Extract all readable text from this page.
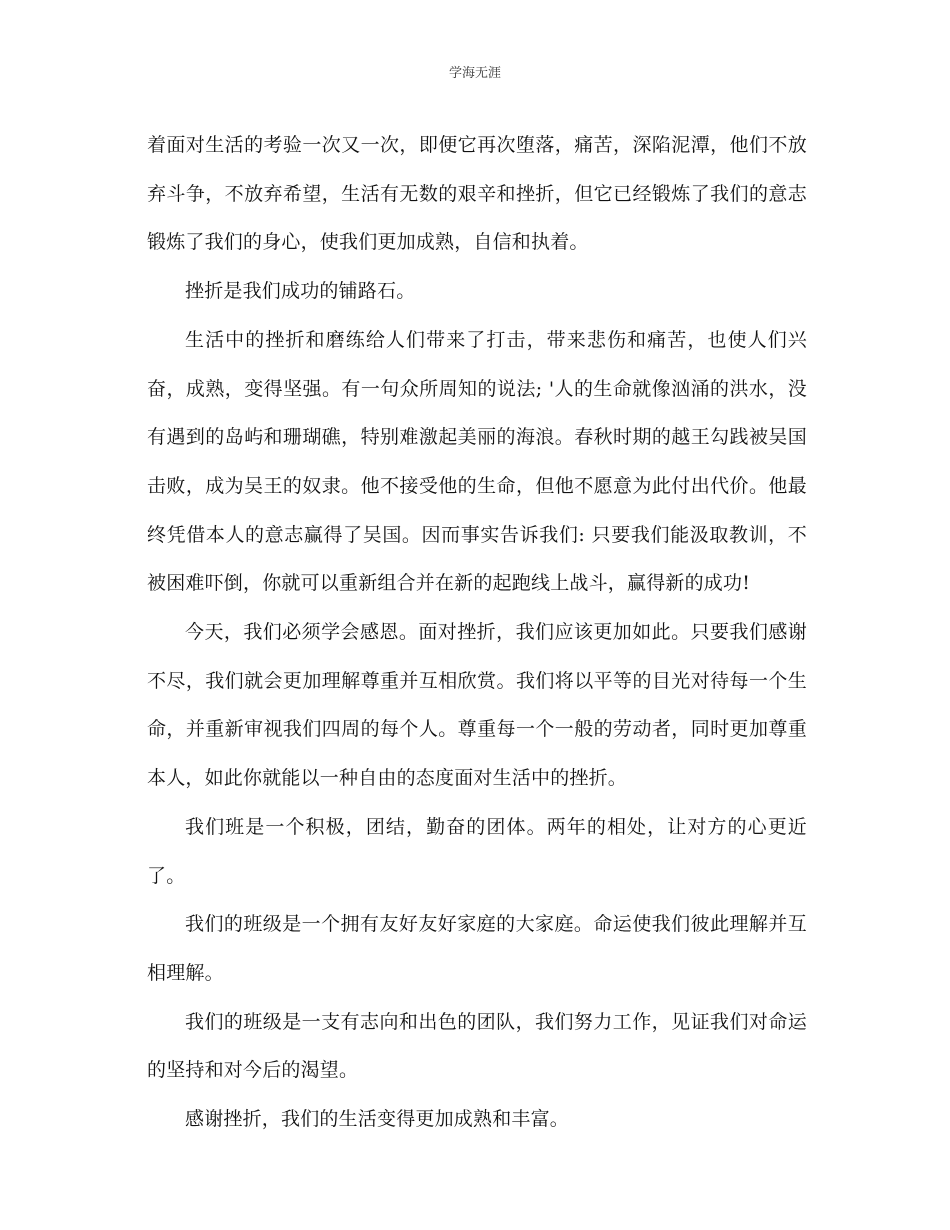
学海无涯

着面对生活的考验一次又一次，即便它再次堕落，痛苦，深陷泥潭，他们不放弃斗争，不放弃希望，生活有无数的艰辛和挫折，但它已经锻炼了我们的意志锻炼了我们的身心，使我们更加成熟，自信和执着。

挫折是我们成功的铺路石。

生活中的挫折和磨练给人们带来了打击，带来悲伤和痛苦，也使人们兴奋，成熟，变得坚强。有一句众所周知的说法; '人的生命就像汹涌的洪水，没有遇到的岛屿和珊瑚礁，特别难激起美丽的海浪。春秋时期的越王勾践被吴国击败，成为吴王的奴隶。他不接受他的生命，但他不愿意为此付出代价。他最终凭借本人的意志赢得了吴国。因而事实告诉我们: 只要我们能汲取教训，不被困难吓倒，你就可以重新组合并在新的起跑线上战斗，赢得新的成功!

今天，我们必须学会感恩。面对挫折，我们应该更加如此。只要我们感谢不尽，我们就会更加理解尊重并互相欣赏。我们将以平等的目光对待每一个生命，并重新审视我们四周的每个人。尊重每一个一般的劳动者，同时更加尊重本人，如此你就能以一种自由的态度面对生活中的挫折。

我们班是一个积极，团结，勤奋的团体。两年的相处，让对方的心更近了。

我们的班级是一个拥有友好友好家庭的大家庭。命运使我们彼此理解并互相理解。

我们的班级是一支有志向和出色的团队，我们努力工作，见证我们对命运的坚持和对今后的渴望。

感谢挫折，我们的生活变得更加成熟和丰富。
